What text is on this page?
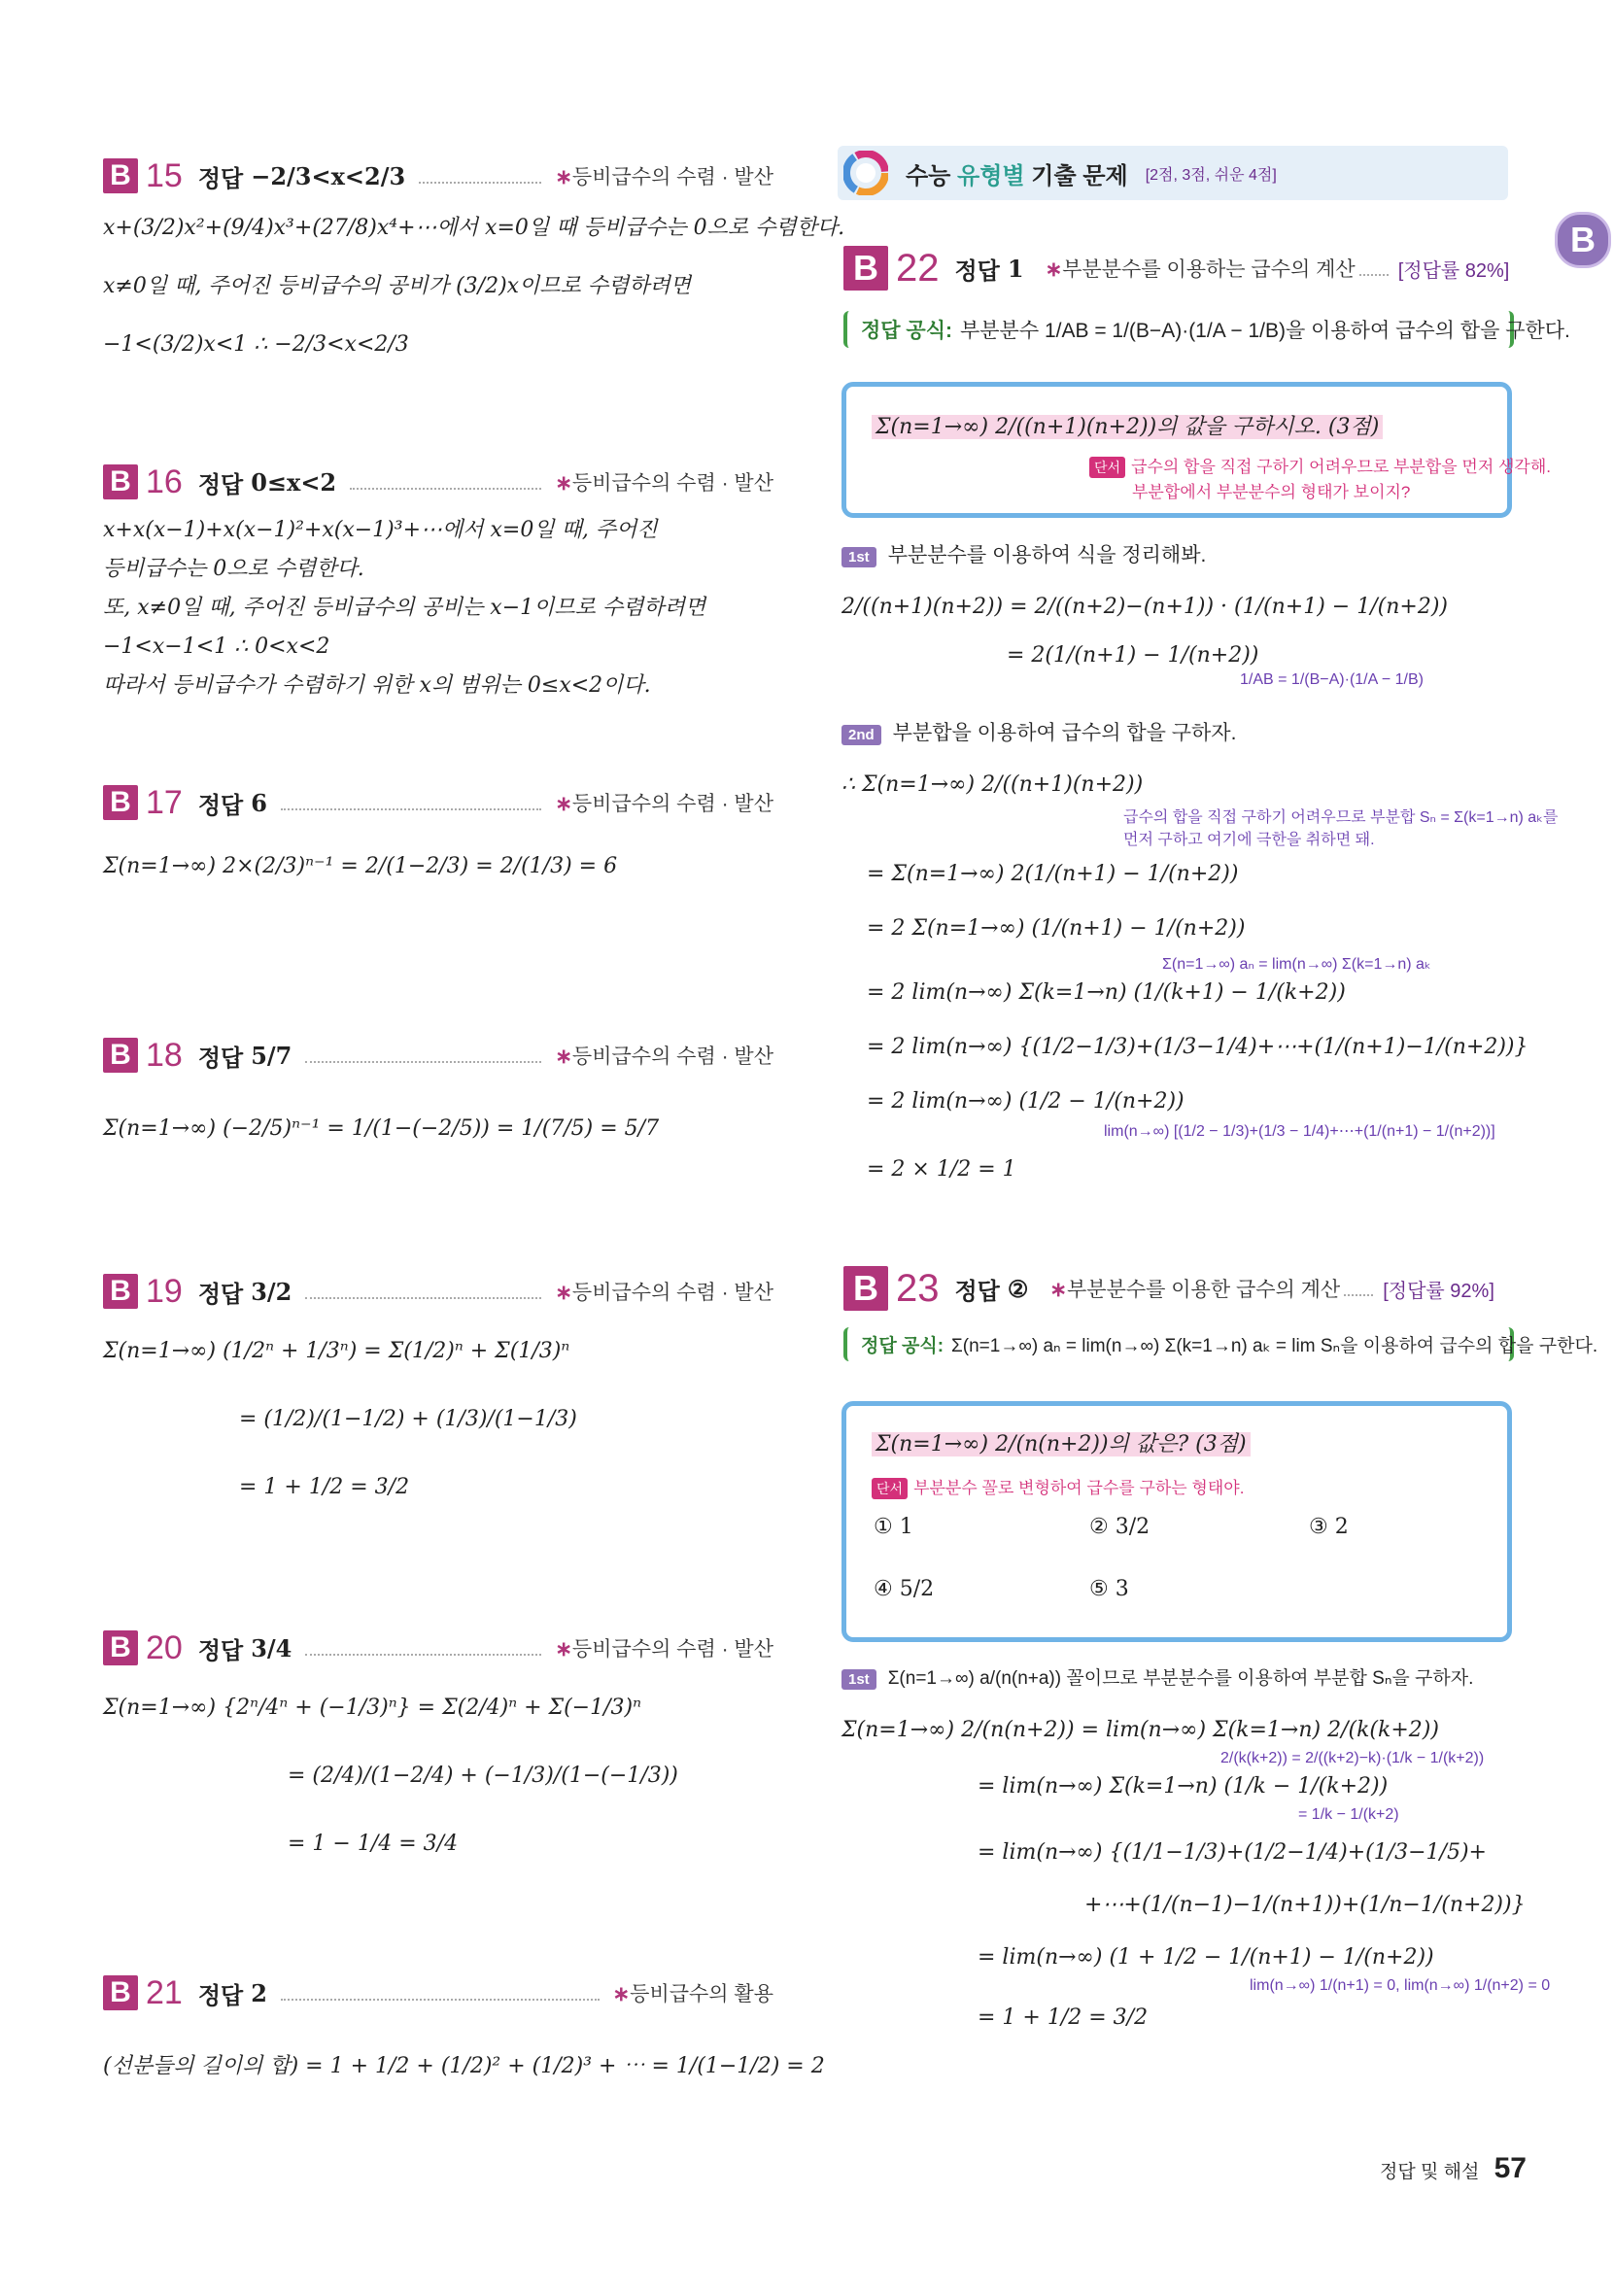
B
B 15 정답 −2/3<x<2/3	∗등비급수의 수렴 · 발산
x+(3/2)x²+(9/4)x³+(27/8)x⁴+⋯에서 x=0일 때 등비급수는 0으로 수렴한다.
x≠0일 때, 주어진 등비급수의 공비가 (3/2)x이므로 수렴하려면
−1<(3/2)x<1 ∴ −2/3<x<2/3
B 16 정답 0≤x<2	∗등비급수의 수렴 · 발산
x+x(x−1)+x(x−1)²+x(x−1)³+⋯에서 x=0일 때, 주어진
등비급수는 0으로 수렴한다.
또, x≠0일 때, 주어진 등비급수의 공비는 x−1이므로 수렴하려면
−1<x−1<1 ∴ 0<x<2
따라서 등비급수가 수렴하기 위한 x의 범위는 0≤x<2이다.
B 17 정답 6	∗등비급수의 수렴 · 발산
Σ(n=1→∞) 2×(2/3)ⁿ⁻¹ = 2/(1−2/3) = 2/(1/3) = 6
B 18 정답 5/7	∗등비급수의 수렴 · 발산
Σ(n=1→∞) (−2/5)ⁿ⁻¹ = 1/(1−(−2/5)) = 1/(7/5) = 5/7
B 19 정답 3/2	∗등비급수의 수렴 · 발산
Σ(n=1→∞) (1/2ⁿ + 1/3ⁿ) = Σ(1/2)ⁿ + Σ(1/3)ⁿ
= (1/2)/(1−1/2) + (1/3)/(1−1/3)
= 1 + 1/2 = 3/2
B 20 정답 3/4	∗등비급수의 수렴 · 발산
Σ(n=1→∞) {2ⁿ/4ⁿ + (−1/3)ⁿ} = Σ(2/4)ⁿ + Σ(−1/3)ⁿ
= (2/4)/(1−2/4) + (−1/3)/(1−(−1/3))
= 1 − 1/4 = 3/4
B 21 정답 2	∗등비급수의 활용
(선분들의 길이의 합) = 1 + 1/2 + (1/2)² + (1/2)³ + ⋯ = 1/(1−1/2) = 2
수능 유형별 기출 문제 [2점, 3점, 쉬운 4점]
B 22 정답 1 ∗부분분수를 이용하는 급수의 계산 [정답률 82%]
정답 공식: 부분분수 1/AB = 1/(B−A)·(1/A − 1/B)을 이용하여 급수의 합을 구한다.
Σ(n=1→∞) 2/((n+1)(n+2))의 값을 구하시오. (3점)
단서 급수의 합을 직접 구하기 어려우므로 부분합을 먼저 생각해.
부분합에서 부분분수의 형태가 보이지?
1st 부분분수를 이용하여 식을 정리해봐.
2/((n+1)(n+2)) = 2/((n+2)−(n+1)) · (1/(n+1) − 1/(n+2))
= 2(1/(n+1) − 1/(n+2))
1/AB = 1/(B−A)·(1/A − 1/B)
2nd 부분합을 이용하여 급수의 합을 구하자.
∴ Σ(n=1→∞) 2/((n+1)(n+2))
급수의 합을 직접 구하기 어려우므로 부분합 Sₙ = Σ(k=1→n) aₖ를
먼저 구하고 여기에 극한을 취하면 돼.
= Σ(n=1→∞) 2(1/(n+1) − 1/(n+2))
= 2 Σ(n=1→∞) (1/(n+1) − 1/(n+2))
Σ(n=1→∞) aₙ = lim(n→∞) Σ(k=1→n) aₖ
= 2 lim(n→∞) Σ(k=1→n) (1/(k+1) − 1/(k+2))
= 2 lim(n→∞) {(1/2−1/3)+(1/3−1/4)+⋯+(1/(n+1)−1/(n+2))}
= 2 lim(n→∞) (1/2 − 1/(n+2))
lim(n→∞) [(1/2 − 1/3)+(1/3 − 1/4)+⋯+(1/(n+1) − 1/(n+2))]
= 2 × 1/2 = 1
B 23 정답 ② ∗부분분수를 이용한 급수의 계산 [정답률 92%]
정답 공식: Σ(n=1→∞) aₙ = lim(n→∞) Σ(k=1→n) aₖ = lim Sₙ을 이용하여 급수의 합을 구한다.
Σ(n=1→∞) 2/(n(n+2))의 값은? (3점)
단서 부분분수 꼴로 변형하여 급수를 구하는 형태야.
① 1	② 3/2	③ 2
④ 5/2	⑤ 3
1st Σ(n=1→∞) a/(n(n+a)) 꼴이므로 부분분수를 이용하여 부분합 Sₙ을 구하자.
Σ(n=1→∞) 2/(n(n+2)) = lim(n→∞) Σ(k=1→n) 2/(k(k+2))
2/(k(k+2)) = 2/((k+2)−k)·(1/k − 1/(k+2))
= lim(n→∞) Σ(k=1→n) (1/k − 1/(k+2))
= 1/k − 1/(k+2)
= lim(n→∞) {(1/1−1/3)+(1/2−1/4)+(1/3−1/5)+
+⋯+(1/(n−1)−1/(n+1))+(1/n−1/(n+2))}
= lim(n→∞) (1 + 1/2 − 1/(n+1) − 1/(n+2))
lim(n→∞) 1/(n+1) = 0, lim(n→∞) 1/(n+2) = 0
= 1 + 1/2 = 3/2
정답 및 해설 57
